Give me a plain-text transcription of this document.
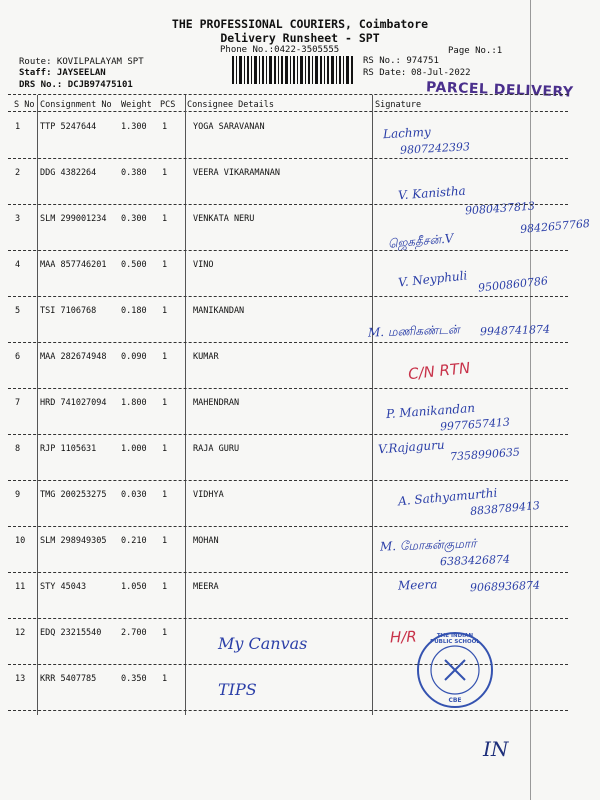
THE PROFESSIONAL COURIERS, Coimbatore
Delivery Runsheet - SPT
Phone No.:0422-3505555	Page No.:1
Route: KOVILPALAYAM SPT
Staff: JAYSEELAN
DRS No.: DCJB97475101
RS No.: 974751
RS Date: 08-Jul-2022
PARCEL DELIVERY
S No Consignment No Weight PCS Consignee Details	Signature
1 TTP 5247644	1.300 1	YOGA SARAVANAN	Lachmy
9807242393
2 DDG 4382264	0.380 1	VEERA VIKARAMANAN
V. Kanistha
9080437813
3 SLM 299001234 0.300 1	VENKATA NERU
ஜெகதீசன்.V
9842657768
4 MAA 857746201 0.500 1	VINO
V. Neyphuli 9500860786
5 TSI 7106768	0.180 1	MANIKANDAN
M. மணிகண்டன் 9948741874
6 MAA 282674948 0.090 1	KUMAR
C/N RTN
7 HRD 741027094 1.800 1	MAHENDRAN	P. Manikandan
9977657413
8 RJP 1105631	1.000 1	RAJA GURU	V.Rajaguru 7358990635
9 TMG 200253275 0.030 1	VIDHYA	A. Sathyamurthi
8838789413
10 SLM 298949305 0.210 1	MOHAN	M. மோகன்குமார்
6383426874
11 STY 45043	1.050 1	MEERA	Meera	9068936874
12 EDQ 23215540 2.700 1
My Canvas	H/R
13 KRR 5407785	0.350 1
TIPS
THE INDIAN PUBLIC SCHOOL
CBE
IN
